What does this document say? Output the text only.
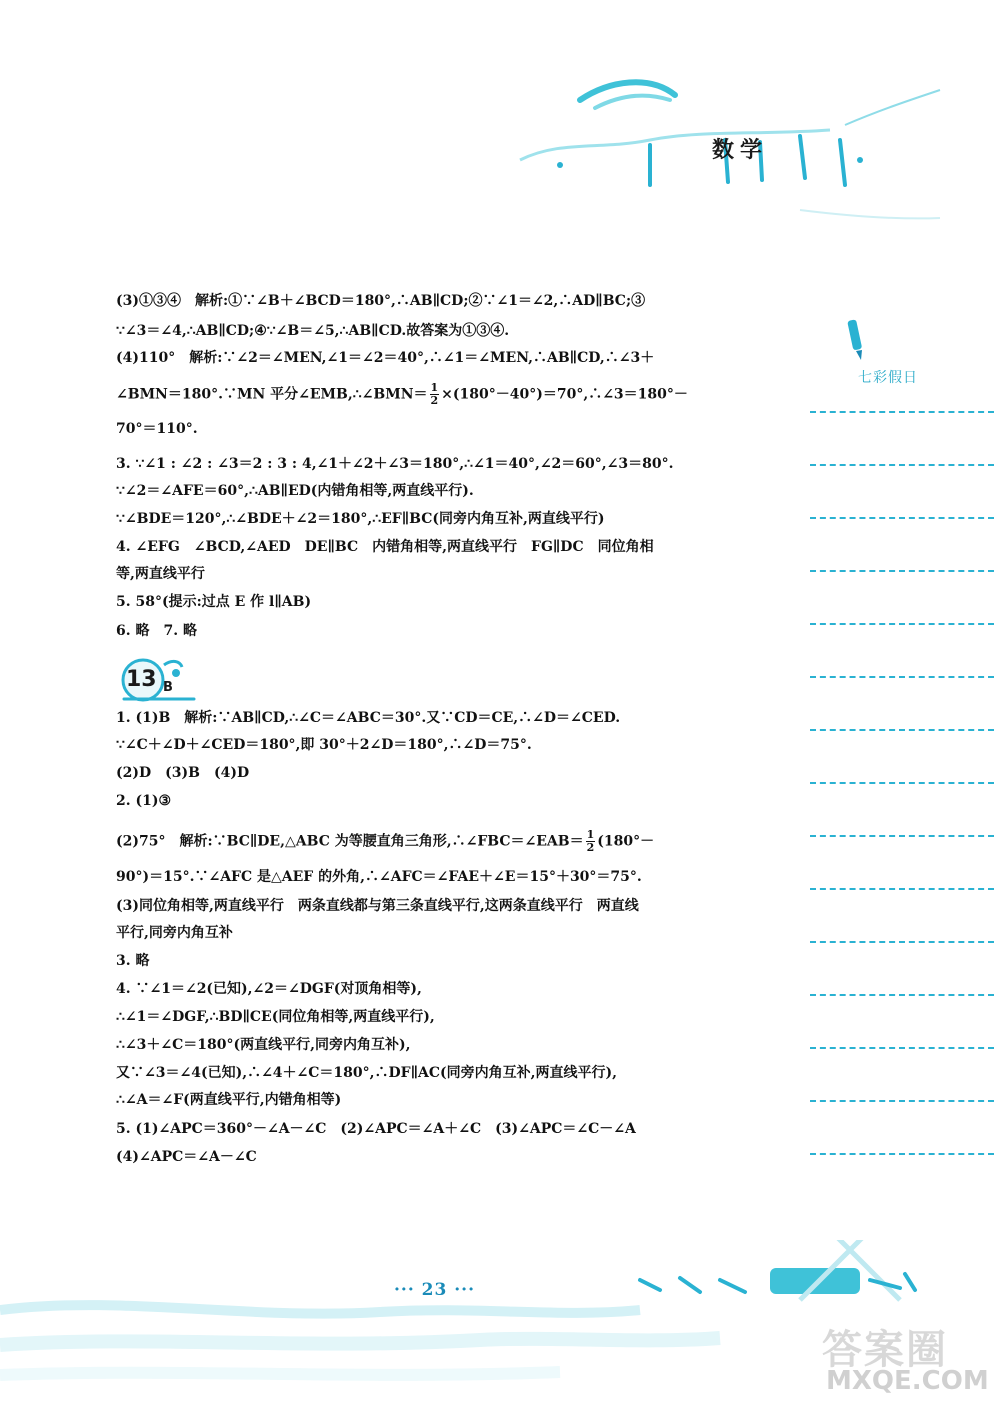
数学
七彩假日
(3)①③④　解析:①∵∠B＋∠BCD＝180°,∴AB∥CD;②∵∠1＝∠2,∴AD∥BC;③
∵∠3＝∠4,∴AB∥CD;④∵∠B＝∠5,∴AB∥CD.故答案为①③④.
(4)110°　解析:∵∠2＝∠MEN,∠1＝∠2＝40°,∴∠1＝∠MEN,∴AB∥CD,∴∠3＋
∠BMN＝180°.∵MN 平分∠EMB,∴∠BMN＝ $\frac{1}{2}$ ×(180°－40°)＝70°,∴∠3＝180°－
70°＝110°.
3. ∵∠1 : ∠2 : ∠3＝2 : 3 : 4,∠1＋∠2＋∠3＝180°,∴∠1＝40°,∠2＝60°,∠3＝80°.
∵∠2＝∠AFE＝60°,∴AB∥ED(内错角相等,两直线平行).
∵∠BDE＝120°,∴∠BDE＋∠2＝180°,∴EF∥BC(同旁内角互补,两直线平行)
4. ∠EFG　∠BCD,∠AED　DE∥BC　内错角相等,两直线平行　FG∥DC　同位角相
等,两直线平行
5. 58°(提示:过点 E 作 l∥AB)
6. 略　7. 略
1. (1)B　解析:∵AB∥CD,∴∠C＝∠ABC＝30°.又∵CD＝CE,∴∠D＝∠CED.
∵∠C＋∠D＋∠CED＝180°,即 30°＋2∠D＝180°,∴∠D＝75°.
(2)D　(3)B　(4)D
2. (1)③
(2)75°　解析:∵BC∥DE,△ABC 为等腰直角三角形,∴∠FBC＝∠EAB＝ $\frac{1}{2} (180^\circ-$
90°)＝15°.∵∠AFC 是△AEF 的外角,∴∠AFC＝∠FAE＋∠E＝15°＋30°＝75°.
(3)同位角相等,两直线平行　两条直线都与第三条直线平行,这两条直线平行　两直线
平行,同旁内角互补
3. 略
4. ∵∠1＝∠2(已知),∠2＝∠DGF(对顶角相等),
∴∠1＝∠DGF,∴BD∥CE(同位角相等,两直线平行),
∴∠3＋∠C＝180°(两直线平行,同旁内角互补),
又∵∠3＝∠4(已知),∴∠4＋∠C＝180°,∴DF∥AC(同旁内角互补,两直线平行),
∴∠A＝∠F(两直线平行,内错角相等)
5. (1)∠APC＝360°－∠A－∠C　(2)∠APC＝∠A＋∠C　(3)∠APC＝∠C－∠A
(4)∠APC＝∠A－∠C
13 B
··· 23 ···
答案圈
MXQE.COM
